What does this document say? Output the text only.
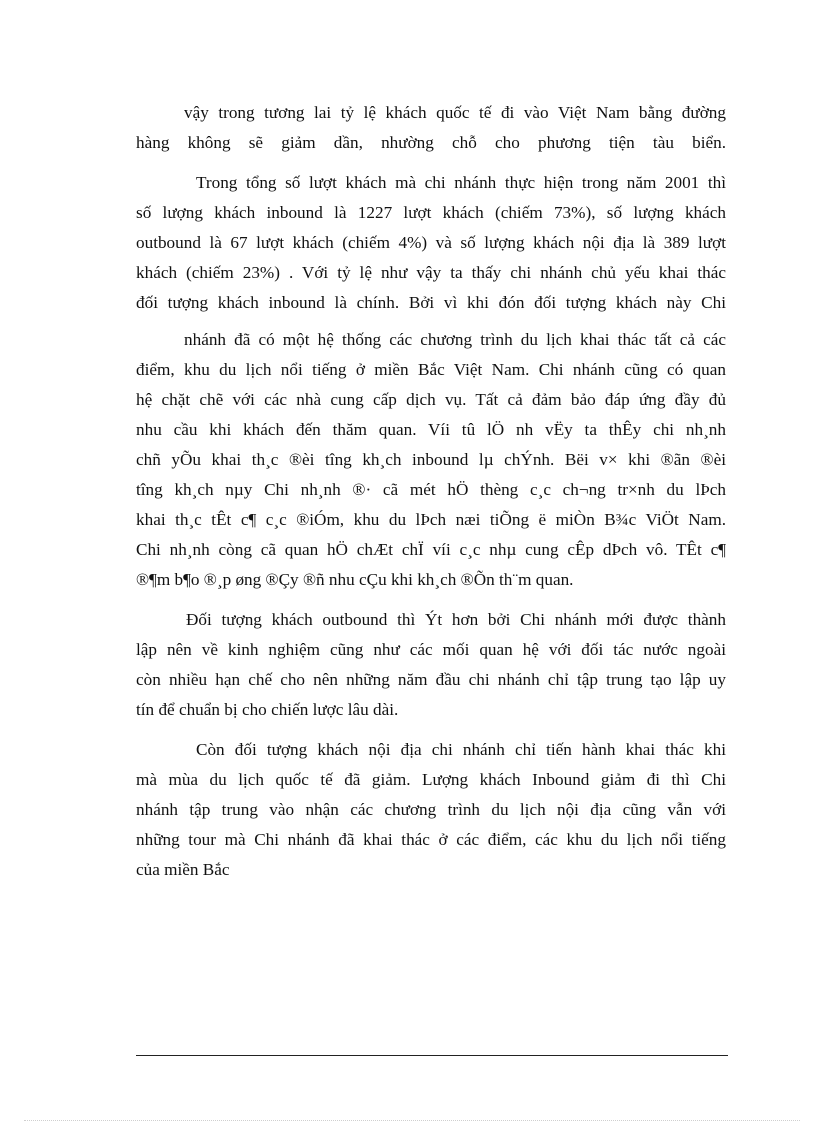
vậy trong tương lai tỷ lệ khách quốc tế đi vào Việt Nam bằng đường
hàng không sẽ giảm dần, nhường chỗ cho phương tiện tàu biển.
Trong tổng số lượt khách mà chi nhánh thực hiện trong năm 2001 thì
số lượng khách inbound là 1227 lượt khách (chiếm 73%), số lượng khách
outbound là 67 lượt khách (chiếm 4%) và số lượng khách nội địa là 389 lượt
khách (chiếm 23%) . Với tỷ lệ như vậy ta thấy chi nhánh chủ yếu khai thác
đối tượng khách inbound là chính. Bởi vì khi đón đối tượng khách này Chi
nhánh đã có một hệ thống các chương trình du lịch khai thác tất cả các
điểm, khu du lịch nổi tiếng ở miền Bắc Việt Nam. Chi nhánh cũng có quan
hệ chặt chẽ với các nhà cung cấp dịch vụ. Tất cả đảm bảo đáp ứng đầy đủ
nhu cầu khi khách đến thăm quan. Víi tû lÖ nh vËy ta thÊy chi nh¸nh
chñ yÕu khai th¸c ®èi tîng kh¸ch inbound lµ chÝnh. Bëi v× khi ®ãn ®èi
tîng kh¸ch nµy Chi nh¸nh ®· cã mét hÖ thèng c¸c ch¬ng tr×nh du lÞch
khai th¸c tÊt c¶ c¸c ®iÓm, khu du lÞch næi tiÕng ë miÒn B¾c ViÖt Nam.
Chi nh¸nh còng cã quan hÖ chÆt chÏ víi c¸c nhµ cung cÊp dÞch vô. TÊt c¶
®¶m b¶o ®¸p øng ®Çy ®ñ nhu cÇu khi kh¸ch ®Õn th¨m quan.
Đối tượng khách outbound thì Ýt hơn bởi Chi nhánh mới được thành
lập nên về kinh nghiệm cũng như các mối quan hệ với đối tác nước ngoài
còn nhiều hạn chế cho nên những năm đầu chi nhánh chỉ tập trung tạo lập uy
tín để chuẩn bị cho chiến lược lâu dài.
Còn đối tượng khách nội địa chi nhánh chỉ tiến hành khai thác khi
mà mùa du lịch quốc tế đã giảm. Lượng khách Inbound giảm đi thì Chi
nhánh tập trung vào nhận các chương trình du lịch nội địa cũng vẫn với
những tour mà Chi nhánh đã khai thác ở các điểm, các khu du lịch nổi tiếng
của miền Bắc
